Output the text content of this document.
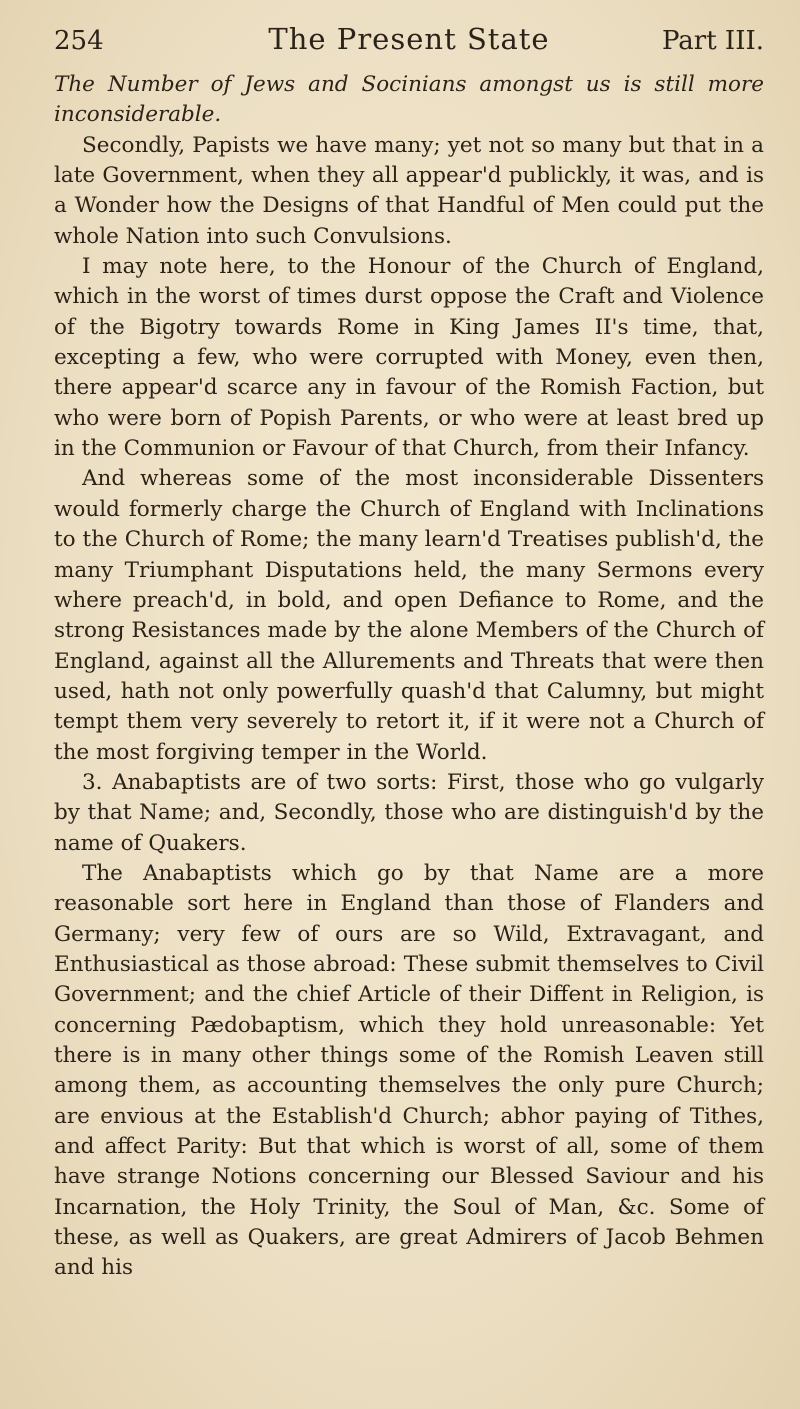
254	The Present State	Part III.

The Number of Jews and Socinians amongst us is still more inconsiderable.

Secondly, Papists we have many; yet not so many but that in a late Government, when they all appear'd publickly, it was, and is a Wonder how the Designs of that Handful of Men could put the whole Nation into such Convulsions.

I may note here, to the Honour of the Church of England, which in the worst of times durst oppose the Craft and Violence of the Bigotry towards Rome in King James II's time, that, excepting a few, who were corrupted with Money, even then, there appear'd scarce any in favour of the Romish Faction, but who were born of Popish Parents, or who were at least bred up in the Communion or Favour of that Church, from their Infancy.

And whereas some of the most inconsiderable Dissenters would formerly charge the Church of England with Inclinations to the Church of Rome; the many learn'd Treatises publish'd, the many Triumphant Disputations held, the many Sermons every where preach'd, in bold, and open Defiance to Rome, and the strong Resistances made by the alone Members of the Church of England, against all the Allurements and Threats that were then used, hath not only powerfully quash'd that Calumny, but might tempt them very severely to retort it, if it were not a Church of the most forgiving temper in the World.

3. Anabaptists are of two sorts: First, those who go vulgarly by that Name; and, Secondly, those who are distinguish'd by the name of Quakers.

The Anabaptists which go by that Name are a more reasonable sort here in England than those of Flanders and Germany; very few of ours are so Wild, Extravagant, and Enthusiastical as those abroad: These submit themselves to Civil Government; and the chief Article of their Diffent in Religion, is concerning Pædobaptism, which they hold unreasonable: Yet there is in many other things some of the Romish Leaven still among them, as accounting themselves the only pure Church; are envious at the Establish'd Church; abhor paying of Tithes, and affect Parity: But that which is worst of all, some of them have strange Notions concerning our Blessed Saviour and his Incarnation, the Holy Trinity, the Soul of Man, &c. Some of these, as well as Quakers, are great Admirers of Jacob Behmen and his
